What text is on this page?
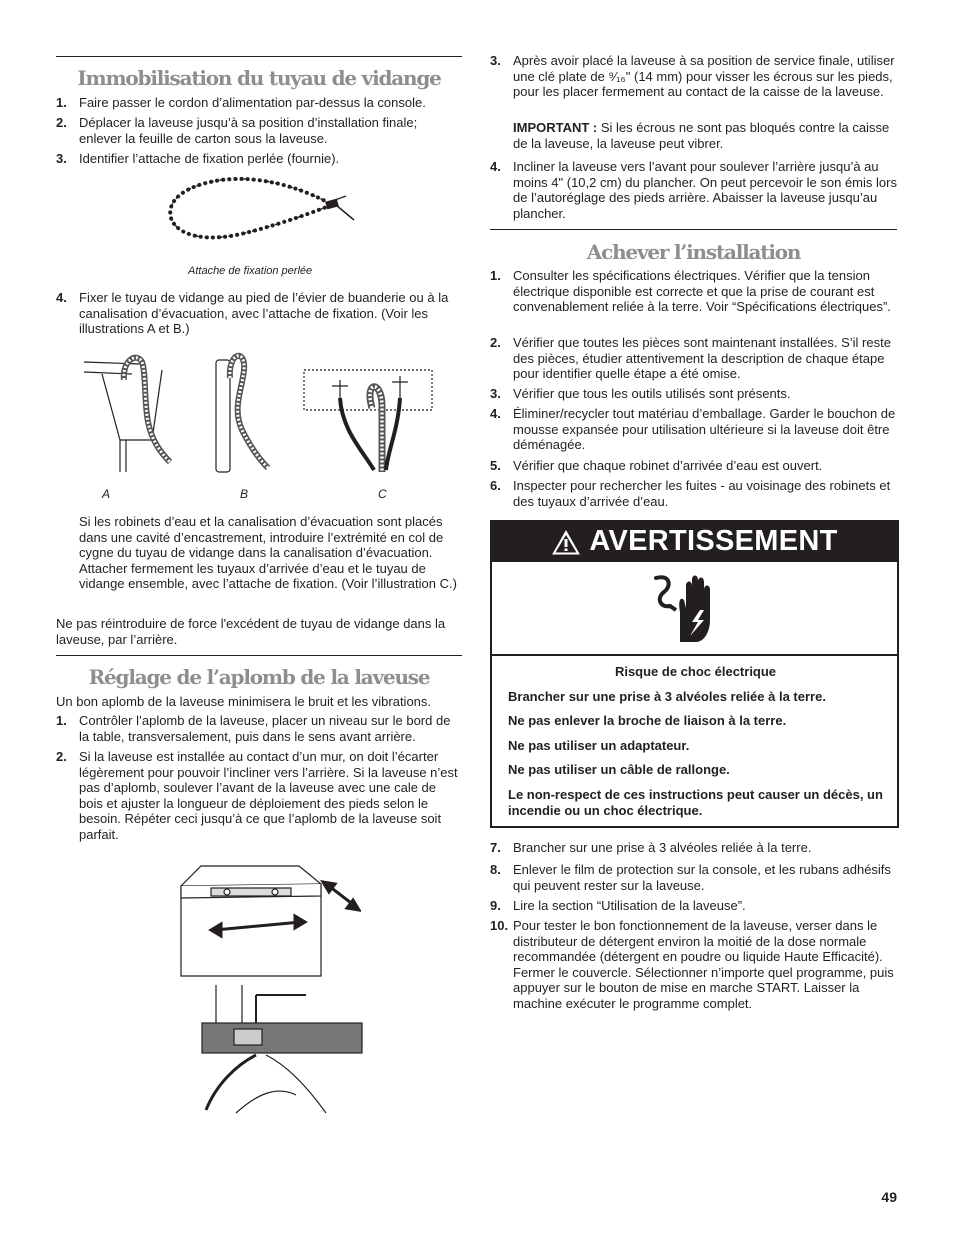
Immobilisation du tuyau de vidange
1. Faire passer le cordon d’alimentation par-dessus la console.
2. Déplacer la laveuse jusqu’à sa position d’installation finale; enlever la feuille de carton sous la laveuse.
3. Identifier l’attache de fixation perlée (fournie).
Attache de fixation perlée
4. Fixer le tuyau de vidange au pied de l’évier de buanderie ou à la canalisation d’évacuation, avec l’attache de fixation. (Voir les illustrations A et B.)
A	B	C
Si les robinets d’eau et la canalisation d’évacuation sont placés dans une cavité d’encastrement, introduire l’extrémité en col de cygne du tuyau de vidange dans la canalisation d’évacuation. Attacher fermement les tuyaux d’arrivée d’eau et le tuyau de vidange ensemble, avec l’attache de fixation. (Voir l’illustration C.)
Ne pas réintroduire de force l'excédent de tuyau de vidange dans la laveuse, par l’arrière.
Réglage de l’aplomb de la laveuse
Un bon aplomb de la laveuse minimisera le bruit et les vibrations.
1. Contrôler l’aplomb de la laveuse, placer un niveau sur le bord de la table, transversalement, puis dans le sens avant arrière.
2. Si la laveuse est installée au contact d’un mur, on doit l’écarter légèrement pour pouvoir l’incliner vers l’arrière. Si la laveuse n’est pas d’aplomb, soulever l’avant de la laveuse avec une cale de bois et ajuster la longueur de déploiement des pieds selon le besoin. Répéter ceci jusqu’à ce que l’aplomb de la laveuse soit parfait.
3. Après avoir placé la laveuse à sa position de service finale, utiliser une clé plate de ⁹⁄₁₆" (14 mm) pour visser les écrous sur les pieds, pour les placer fermement au contact de la caisse de la laveuse.
IMPORTANT : Si les écrous ne sont pas bloqués contre la caisse de la laveuse, la laveuse peut vibrer.
4. Incliner la laveuse vers l’avant pour soulever l’arrière jusqu’à au moins 4" (10,2 cm) du plancher. On peut percevoir le son émis lors de l’autoréglage des pieds arrière. Abaisser la laveuse jusqu’au plancher.
Achever l’installation
1. Consulter les spécifications électriques. Vérifier que la tension électrique disponible est correcte et que la prise de courant est convenablement reliée à la terre. Voir “Spécifications électriques”.
2. Vérifier que toutes les pièces sont maintenant installées. S’il reste des pièces, étudier attentivement la description de chaque étape pour identifier quelle étape a été omise.
3. Vérifier que tous les outils utilisés sont présents.
4. Éliminer/recycler tout matériau d’emballage. Garder le bouchon de mousse expansée pour utilisation ultérieure si la laveuse doit être déménagée.
5. Vérifier que chaque robinet d’arrivée d’eau est ouvert.
6. Inspecter pour rechercher les fuites - au voisinage des robinets et des tuyaux d’arrivée d’eau.
AVERTISSEMENT
Risque de choc électrique
Brancher sur une prise à 3 alvéoles reliée à la terre.
Ne pas enlever la broche de liaison à la terre.
Ne pas utiliser un adaptateur.
Ne pas utiliser un câble de rallonge.
Le non-respect de ces instructions peut causer un décès, un incendie ou un choc électrique.
7. Brancher sur une prise à 3 alvéoles reliée à la terre.
8. Enlever le film de protection sur la console, et les rubans adhésifs qui peuvent rester sur la laveuse.
9. Lire la section “Utilisation de la laveuse”.
10. Pour tester le bon fonctionnement de la laveuse, verser dans le distributeur de détergent environ la moitié de la dose normale recommandée (détergent en poudre ou liquide Haute Efficacité). Fermer le couvercle. Sélectionner n’importe quel programme, puis appuyer sur le bouton de mise en marche START. Laisser la machine exécuter le programme complet.
49
